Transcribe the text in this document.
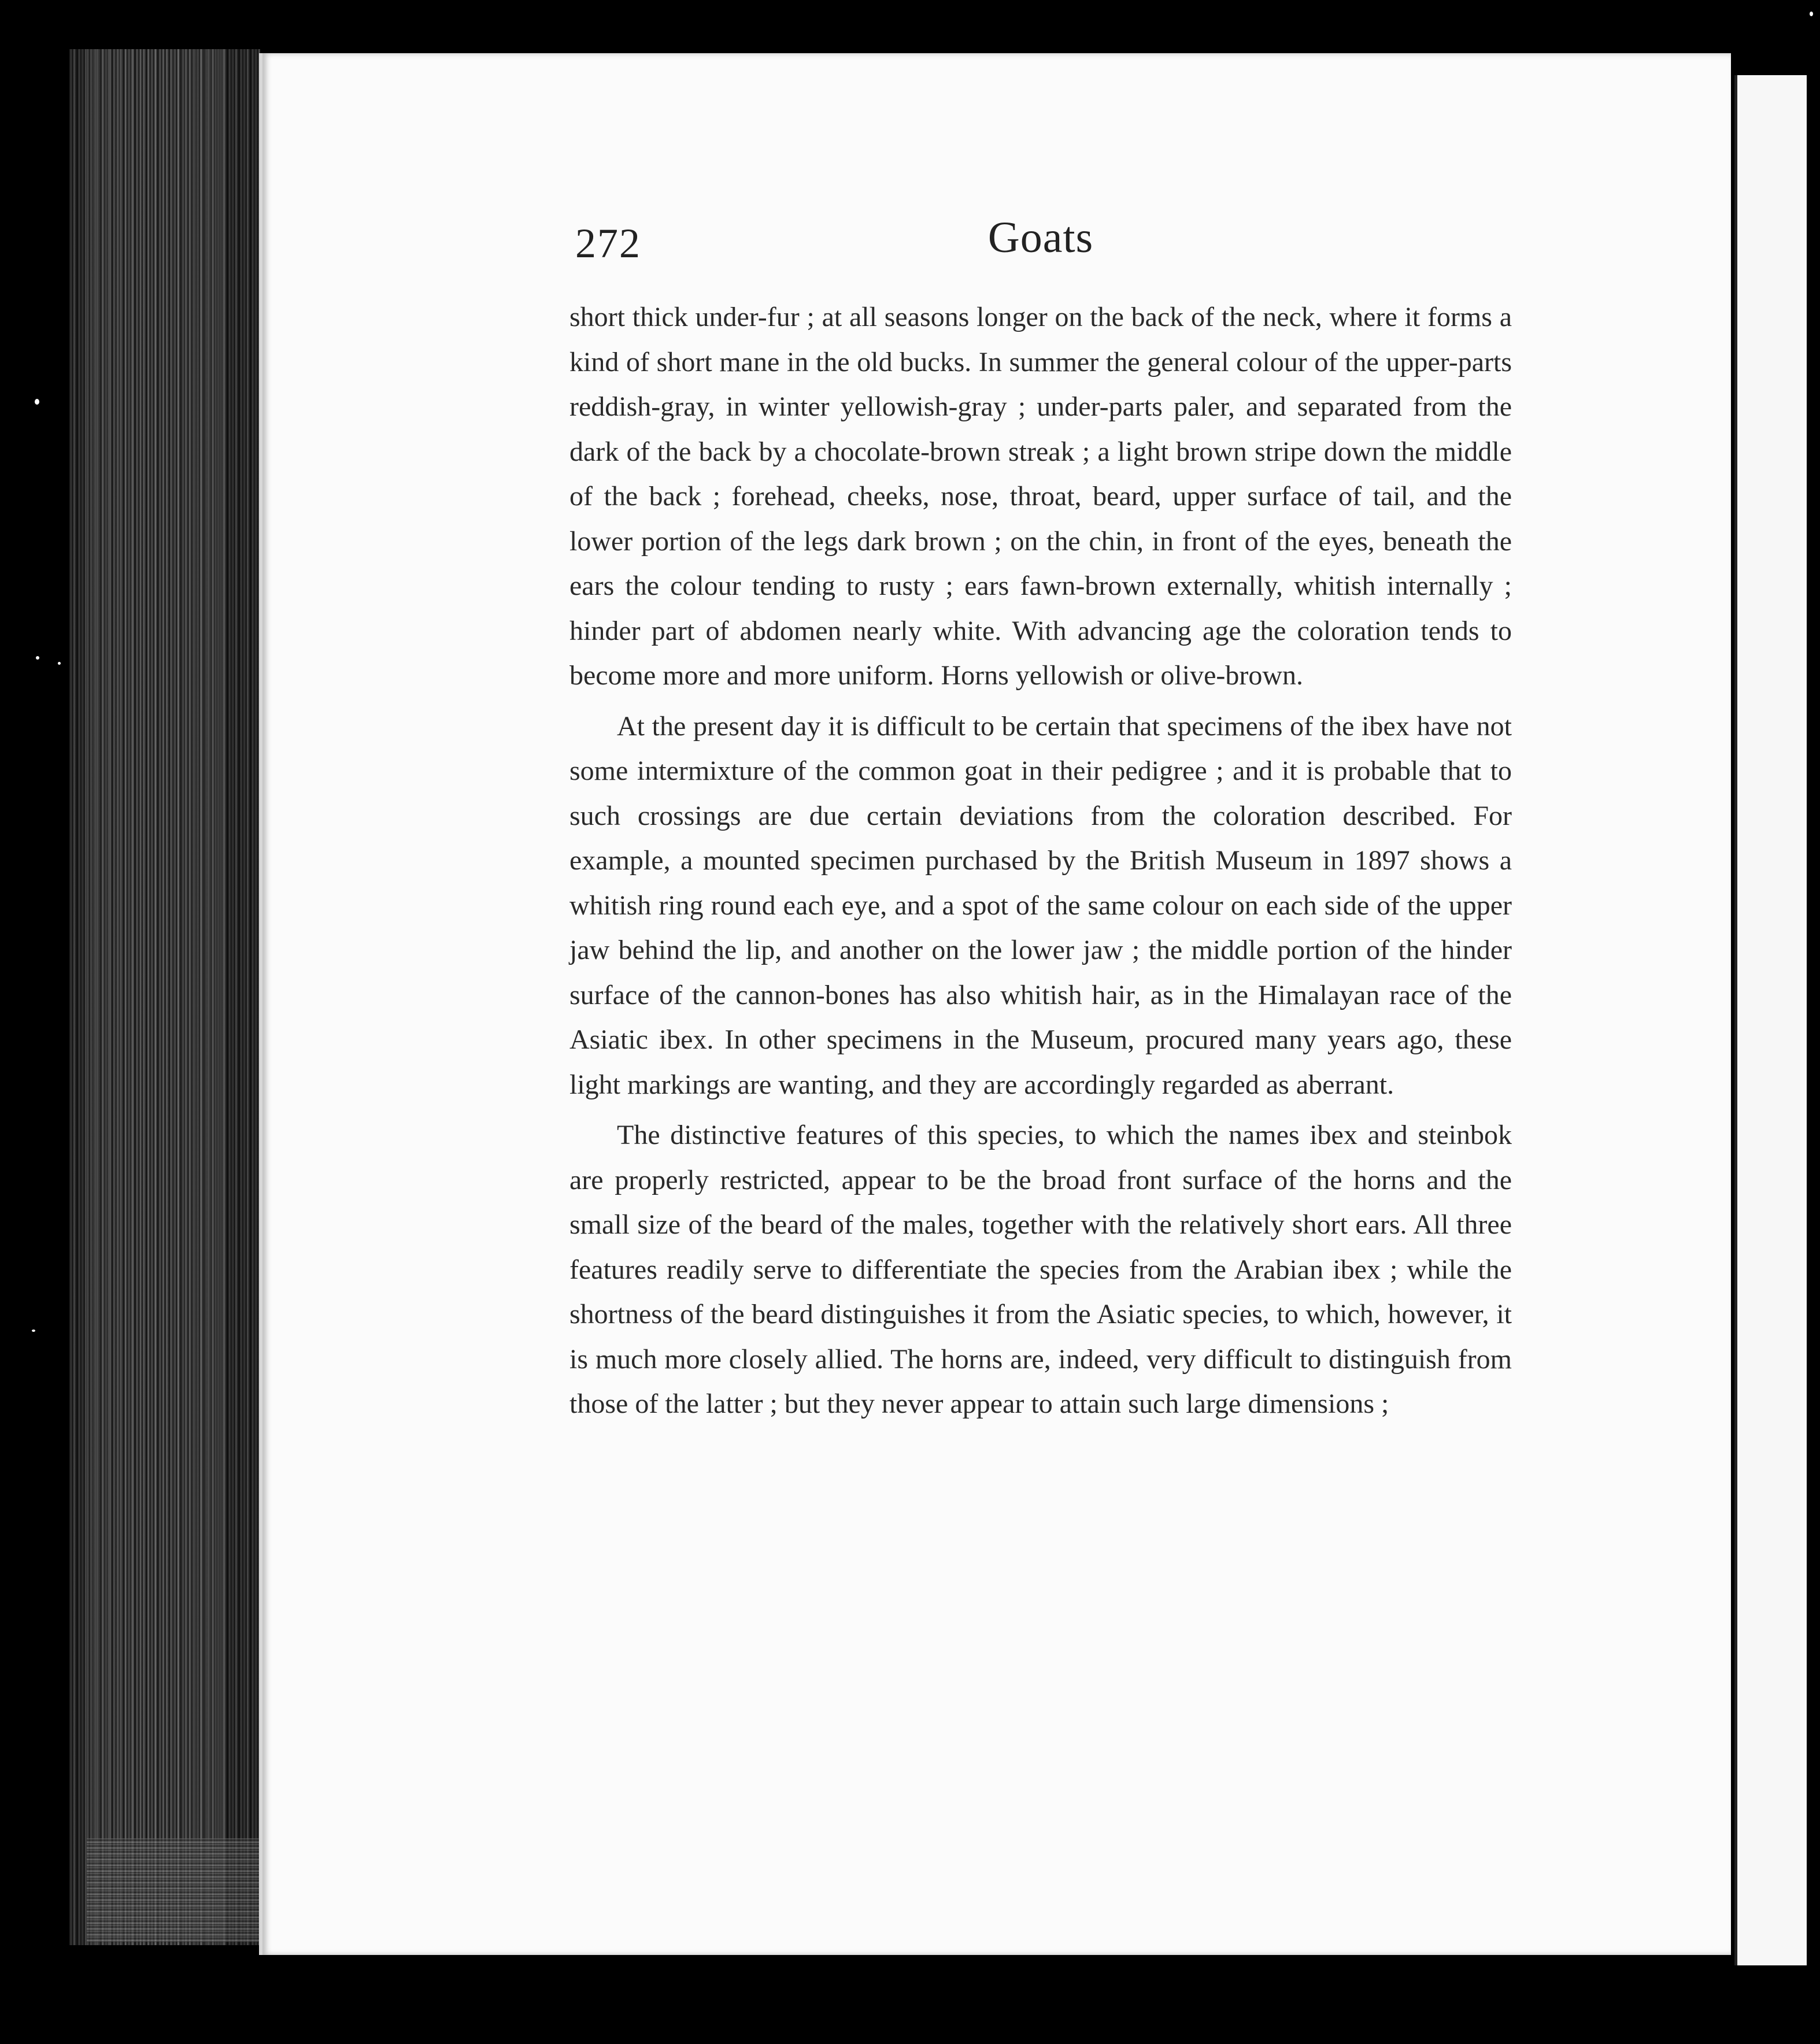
272	Goats

short thick under-fur ; at all seasons longer on the back of the neck, where it forms a kind of short mane in the old bucks. In summer the general colour of the upper-parts reddish-gray, in winter yellowish-gray ; under-parts paler, and separated from the dark of the back by a chocolate-brown streak ; a light brown stripe down the middle of the back ; forehead, cheeks, nose, throat, beard, upper surface of tail, and the lower portion of the legs dark brown ; on the chin, in front of the eyes, beneath the ears the colour tending to rusty ; ears fawn-brown externally, whitish internally ; hinder part of abdomen nearly white. With advancing age the coloration tends to become more and more uniform. Horns yellowish or olive-brown.

At the present day it is difficult to be certain that specimens of the ibex have not some intermixture of the common goat in their pedigree ; and it is probable that to such crossings are due certain deviations from the coloration described. For example, a mounted specimen purchased by the British Museum in 1897 shows a whitish ring round each eye, and a spot of the same colour on each side of the upper jaw behind the lip, and another on the lower jaw ; the middle portion of the hinder surface of the cannon-bones has also whitish hair, as in the Himalayan race of the Asiatic ibex. In other specimens in the Museum, procured many years ago, these light markings are wanting, and they are accordingly regarded as aberrant.

The distinctive features of this species, to which the names ibex and steinbok are properly restricted, appear to be the broad front surface of the horns and the small size of the beard of the males, together with the relatively short ears. All three features readily serve to differentiate the species from the Arabian ibex ; while the shortness of the beard distinguishes it from the Asiatic species, to which, however, it is much more closely allied. The horns are, indeed, very difficult to distinguish from those of the latter ; but they never appear to attain such large dimensions ;
